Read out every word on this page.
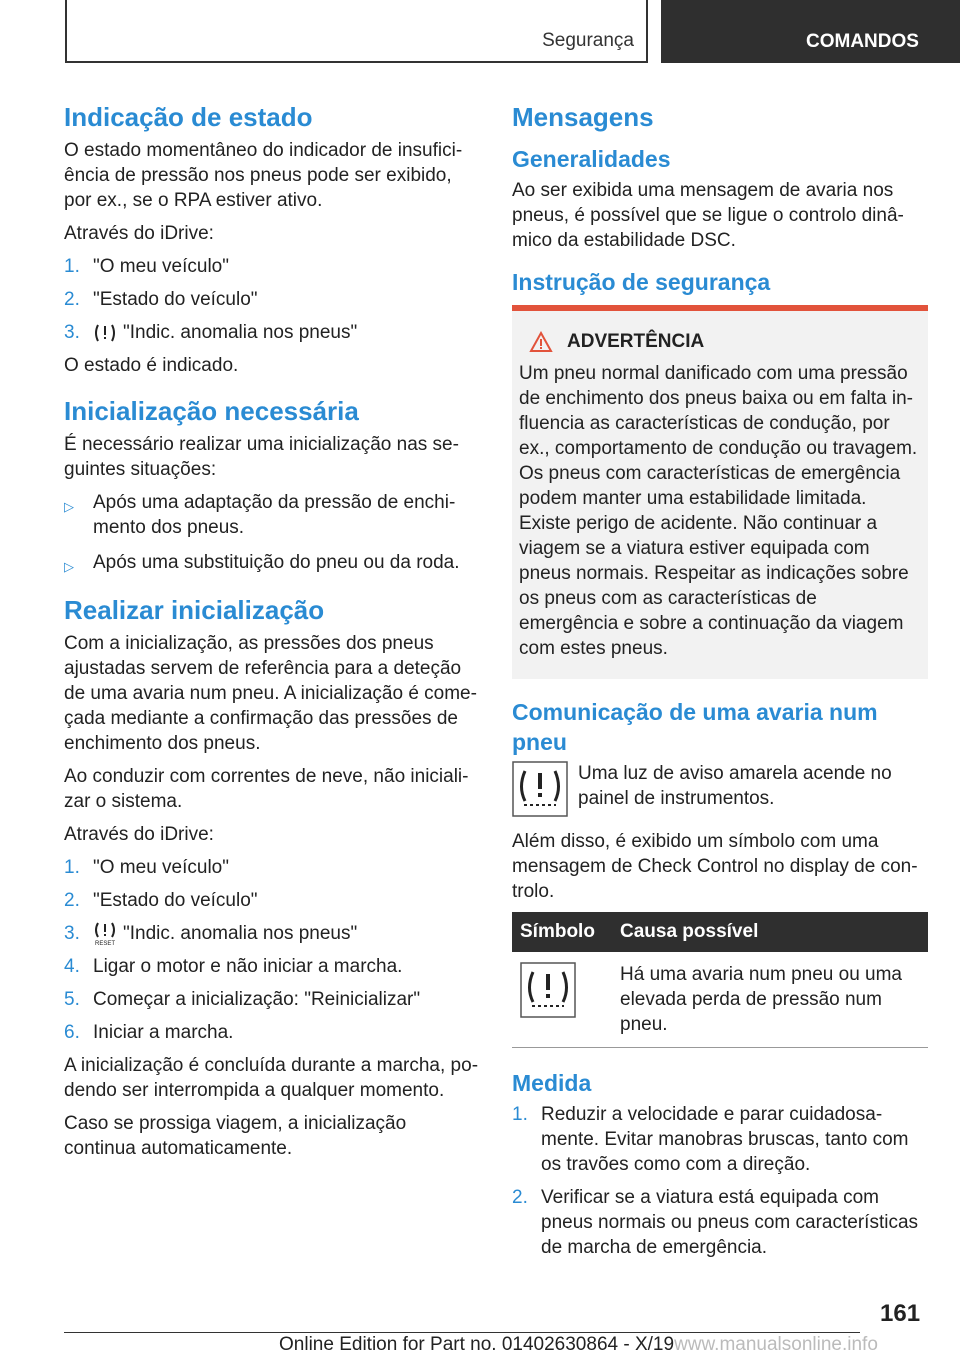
Segurança	COMANDOS
Indicação de estado

O estado momentâneo do indicador de insuficiência de pressão nos pneus pode ser exibido, por ex., se o RPA estiver ativo.

Através do iDrive:

1. "O meu veículo"
2. "Estado do veículo"
3.	"Indic. anomalia nos pneus"

O estado é indicado.

Inicialização necessária

É necessário realizar uma inicialização nas seguintes situações:

▷	Após uma adaptação da pressão de enchimento dos pneus.
▷	Após uma substituição do pneu ou da roda.
Realizar inicialização

Com a inicialização, as pressões dos pneus ajustadas servem de referência para a deteção de uma avaria num pneu. A inicialização é começada mediante a confirmação das pressões de enchimento dos pneus.

Ao conduzir com correntes de neve, não inicializar o sistema.

Através do iDrive:

1. "O meu veículo"
2. "Estado do veículo"
3.	RESET "Indic. anomalia nos pneus"
4. Ligar o motor e não iniciar a marcha.
5. Começar a inicialização: "Reinicializar"
6. Iniciar a marcha.

A inicialização é concluída durante a marcha, podendo ser interrompida a qualquer momento.

Caso se prossiga viagem, a inicialização continua automaticamente.

Mensagens
Generalidades

Ao ser exibida uma mensagem de avaria nos pneus, é possível que se ligue o controlo dinâmico da estabilidade DSC.

Instrução de segurança
ADVERTÊNCIA

Um pneu normal danificado com uma pressão de enchimento dos pneus baixa ou em falta influencia as características de condução, por ex., comportamento de condução ou travagem. Os pneus com características de emergência podem manter uma estabilidade limitada. Existe perigo de acidente. Não continuar a viagem se a viatura estiver equipada com pneus normais. Respeitar as indicações sobre os pneus com as características de emergência e sobre a continuação da viagem com estes pneus.

Comunicação de uma avaria num pneu

Uma luz de aviso amarela acende no painel de instrumentos.

Além disso, é exibido um símbolo com uma mensagem de Check Control no display de controlo.

Símbolo	Causa possível
	Há uma avaria num pneu ou uma elevada perda de pressão num pneu.
Medida
1. Reduzir a velocidade e parar cuidadosamente. Evitar manobras bruscas, tanto com os travões como com a direção.
2. Verificar se a viatura está equipada com pneus normais ou pneus com características de marcha de emergência.
161
Online Edition for Part no. 01402630864 - X/19www.manualsonline.info
